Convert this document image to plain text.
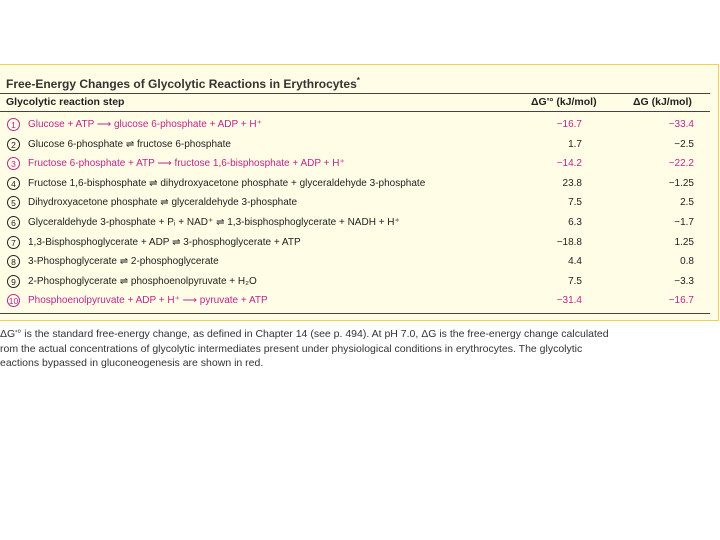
Free-Energy Changes of Glycolytic Reactions in Erythrocytes*
Glycolytic reaction step	ΔG'° (kJ/mol)	ΔG (kJ/mol)
1	Glucose + ATP ⟶ glucose 6-phosphate + ADP + H⁺	−16.7	−33.4
2	Glucose 6-phosphate ⇌ fructose 6-phosphate	1.7	−2.5
3	Fructose 6-phosphate + ATP ⟶ fructose 1,6-bisphosphate + ADP + H⁺	−14.2	−22.2
4	Fructose 1,6-bisphosphate ⇌ dihydroxyacetone phosphate + glyceraldehyde 3-phosphate	23.8	−1.25
5	Dihydroxyacetone phosphate ⇌ glyceraldehyde 3-phosphate	7.5	2.5
6	Glyceraldehyde 3-phosphate + Pᵢ + NAD⁺ ⇌ 1,3-bisphosphoglycerate + NADH + H⁺	6.3	−1.7
7	1,3-Bisphosphoglycerate + ADP ⇌ 3-phosphoglycerate + ATP	−18.8	1.25
8	3-Phosphoglycerate ⇌ 2-phosphoglycerate	4.4	0.8
9	2-Phosphoglycerate ⇌ phosphoenolpyruvate + H₂O	7.5	−3.3
10 Phosphoenolpyruvate + ADP + H⁺ ⟶ pyruvate + ATP	−31.4	−16.7

ΔG'° is the standard free-energy change, as defined in Chapter 14 (see p. 494). At pH 7.0, ΔG is the free-energy change calculated

rom the actual concentrations of glycolytic intermediates present under physiological conditions in erythrocytes. The glycolytic

eactions bypassed in gluconeogenesis are shown in red.
